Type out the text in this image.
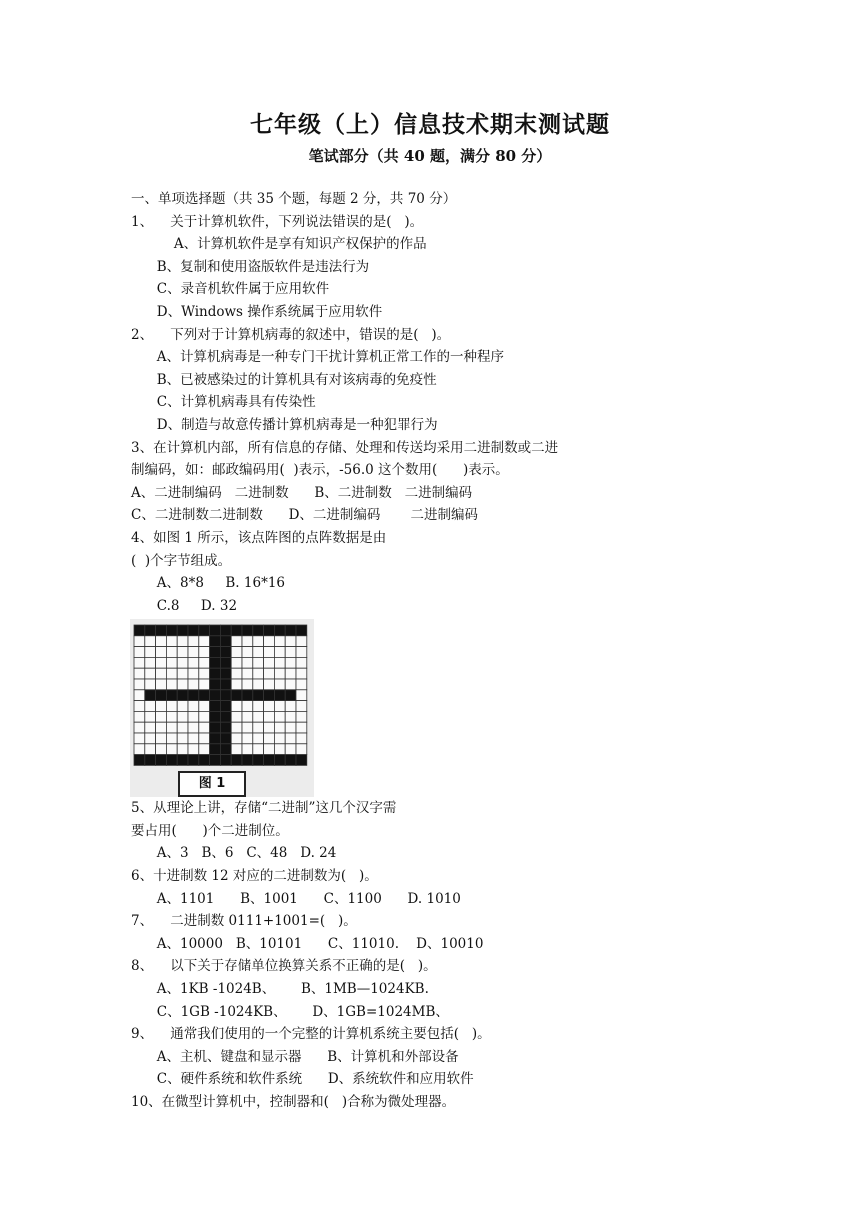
七年级（上）信息技术期末测试题
笔试部分（共 40 题，满分 80 分）
一、单项选择题（共 35 个题，每题 2 分，共 70 分）
1、    关于计算机软件，下列说法错误的是(   )。
A、计算机软件是享有知识产权保护的作品
B、复制和使用盗版软件是违法行为
C、录音机软件属于应用软件
D、Windows 操作系统属于应用软件
2、    下列对于计算机病毒的叙述中，错误的是(   )。
A、计算机病毒是一种专门干扰计算机正常工作的一种程序
B、已被感染过的计算机具有对该病毒的免疫性
C、计算机病毒具有传染性
D、制造与故意传播计算机病毒是一种犯罪行为
3、在计算机内部，所有信息的存储、处理和传送均采用二进制数或二进
制编码，如：邮政编码用(  )表示，-56.0 这个数用(      )表示。
A、二进制编码   二进制数      B、二进制数   二进制编码
C、二进制数二进制数      D、二进制编码       二进制编码
4、如图 1 所示，该点阵图的点阵数据是由
(  )个字节组成。
A、8*8     B. 16*16
C.8     D. 32
图 1
5、从理论上讲，存储“二进制”这几个汉字需
要占用(      )个二进制位。
A、3   B、6   C、48   D. 24
6、十进制数 12 对应的二进制数为(   )。
A、1101      B、1001      C、1100      D. 1010
7、    二进制数 0111+1001=(   )。
A、10000   B、10101      C、11010.    D、10010
8、    以下关于存储单位换算关系不正确的是(   )。
A、1KB -1024B、      B、1MB—1024KB.
C、1GB -1024KB、      D、1GB=1024MB、
9、    通常我们使用的一个完整的计算机系统主要包括(   )。
A、主机、键盘和显示器      B、计算机和外部设备
C、硬件系统和软件系统      D、系统软件和应用软件
10、在微型计算机中，控制器和(   )合称为微处理器。
